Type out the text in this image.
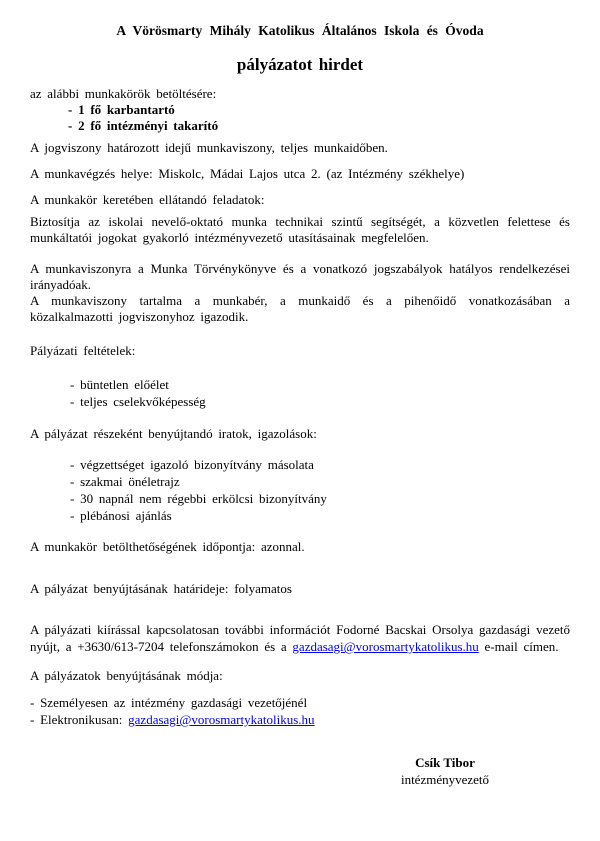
A Vörösmarty Mihály Katolikus Általános Iskola és Óvoda
pályázatot hirdet

az alábbi munkakörök betöltésére:

- 1 fő karbantartó
- 2 fő intézményi takarító

A jogviszony határozott idejű munkaviszony, teljes munkaidőben.

A munkavégzés helye: Miskolc, Mádai Lajos utca 2. (az Intézmény székhelye)

A munkakör keretében ellátandó feladatok:

Biztosítja az iskolai nevelő-oktató munka technikai szintű segítségét, a közvetlen felettese és munkáltatói jogokat gyakorló intézményvezető utasításainak megfelelően.

A munkaviszonyra a Munka Törvénykönyve és a vonatkozó jogszabályok hatályos rendelkezései irányadóak.

A munkaviszony tartalma a munkabér, a munkaidő és a pihenőidő vonatkozásában a közalkalmazotti jogviszonyhoz igazodik.

Pályázati feltételek:

- büntetlen előélet
- teljes cselekvőképesség

A pályázat részeként benyújtandó iratok, igazolások:

- végzettséget igazoló bizonyítvány másolata
- szakmai önéletrajz
- 30 napnál nem régebbi erkölcsi bizonyítvány
- plébánosi ajánlás

A munkakör betölthetőségének időpontja: azonnal.

A pályázat benyújtásának határideje: folyamatos

A pályázati kiírással kapcsolatosan további információt Fodorné Bacskai Orsolya gazdasági vezető nyújt, a +3630/613-7204 telefonszámokon és a gazdasagi@vorosmartykatolikus.hu e-mail címen.

A pályázatok benyújtásának módja:

- Személyesen az intézmény gazdasági vezetőjénél
- Elektronikusan: gazdasagi@vorosmartykatolikus.hu
Csík Tibor
intézményvezető
